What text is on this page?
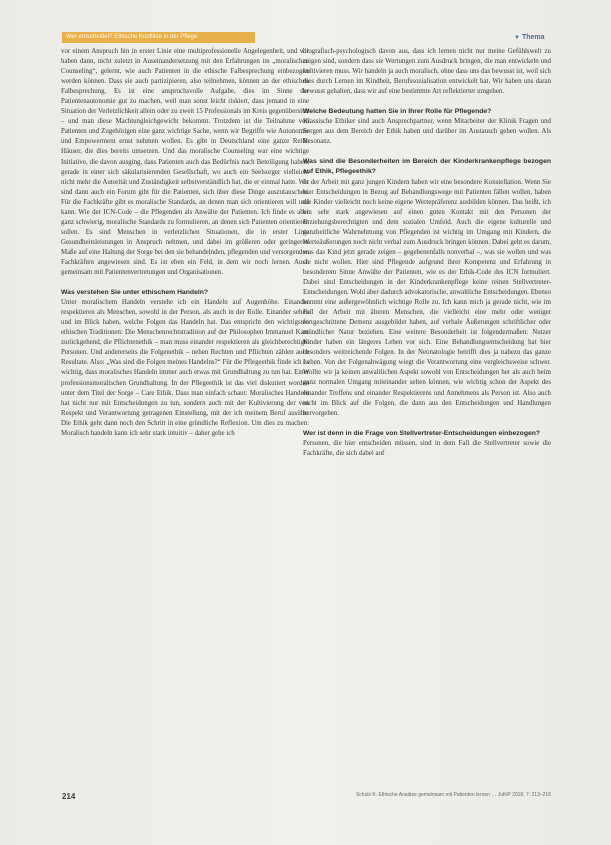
Wer entscheidet? Ethische Konflikte in der Pflege	▼ Thema

vor einem Anspruch hin in erster Linie eine multiprofessionelle Angelegenheit, und wir haben dann, nicht zuletzt in Auseinandersetzung mit den Erfahrungen im „moralischen Counseling“, gelernt, wie auch Patienten in die ethische Falbesprechung einbezogen werden können. Dass sie auch partizipieren, also teilnehmen, können an der ethischen Falbesprechung. Es ist eine anspruchsvolle Aufgabe, dies im Sinne der Patientenautonomie gut zu machen, weil man sonst leicht riskiert, dass jemand in eine Situation der Verletzlichkeit allein oder zu zweit 15 Professionals im Kreis gegenübersitzt – und man diese Machtungleichgewicht bekommt. Trotzdem ist die Teilnahme von Patienten und Zugehörigen eine ganz wichtige Sache, wenn wir Begriffe wie Autonomie und Empowerment ernst nehmen wollen. Es gibt in Deutschland eine ganze Reihe Häuser, die dies bereits umsetzen. Und das moralische Counseling war eine wichtige Initiative, die davon ausging, dass Patienten auch das Bedürfnis nach Beteiligung haben, gerade in einer sich säkularisierenden Gesellschaft, wo auch ein Seelsorger vielleicht nicht mehr die Autorität und Zuständigkeit selbstverständlich hat, die er einmal hatte. Wir sind dann auch ein Forum gibt für die Patienten, sich über diese Dinge auszutauschen. Für die Fachkräfte gibt es moralische Standards, an denen man sich orientieren will und kann. Wie der ICN-Code – die Pflegenden als Anwälte der Patienten. Ich finde es aber ganz schwierig, moralische Standards zu formulieren, an denen sich Patienten orientieren sollen. Es sind Menschen in verletzlichen Situationen, die in erster Linie Gesundheitsleistungen in Anspruch nehmen, und dabei im größeren oder geringeren Maße auf eine Haltung der Sorge bei den sie behandelnden, pflegenden und versorgenden Fachkräften angewiesen sind. Es ist eben ein Feld, in dem wir noch lernen. Auch gemeinsam mit Patientenvertretungen und Organisationen.

Was verstehen Sie unter ethischem Handeln?

Unter moralischem Handeln verstehe ich ein Handeln auf Augenhöhe. Einander respektieren als Menschen, sowohl in der Person, als auch in der Rolle. Einander sehen und im Blick haben, welche Folgen das Handeln hat. Das entspricht den wichtigsten ethischen Traditionen: Die Menschenrechtstradition auf der Philosophen Immanuel Kant zurückgehend, die Pflichtenethik – man muss einander respektieren als gleichberechtigte Personen. Und andererseits die Folgenethik – neben Rechten und Pflichten zählen auch Resultate. Also: „Was sind die Folgen meines Handelns?“ Für die Pflegeethik finde ich es wichtig, dass moralisches Handeln immer auch etwas mit Grundhaltung zu tun hat. Einer professionsmoralischen Grundhaltung. In der Pflegeethik ist das viel diskutiert worden unter dem Titel der Sorge – Care Ethik. Dass man einfach schaut: Moralisches Handeln hat nicht nur mit Entscheidungen zu tun, sondern auch mit der Kultivierung der von Respekt und Verantwortung getragenen Einstellung, mit der ich meinem Beruf ausübe. Die Ethik geht dann noch den Schritt in eine gründliche Reflexion. Um dies zu machen: Moralisch handeln kann ich sehr stark intuitiv – daher gehe ich

biografisch-psychologisch davon aus, dass ich lernen nicht nur meine Gefühlswelt zu zeigen sind, sondern dass sie Wertungen zum Ausdruck bringen, die man entwickeln und kultivieren muss. Wir handeln ja auch moralisch, ohne dass uns das bewusst ist, weil sich dies durch Lernen im Kindheit, Berufssozialisation entwickelt hat. Wir haben uns daran bewusst gehalten, dass wir auf eine bestimmte Art reflektierter umgehen.

Welche Bedeutung hatten Sie in Ihrer Rolle für Pflegende?

Klassische Ethiker sind auch Ansprechpartner, wenn Mitarbeiter der Klinik Fragen und Sorgen aus dem Bereich der Ethik haben und darüber im Austausch gehen wollen. Als Resonanz.

Was sind die Besonderheiten im Bereich der Kinderkrankenpflege bezogen auf Ethik, Pflegeethik?

In der Arbeit mit ganz jungen Kindern haben wir eine besondere Konstellation. Wenn Sie hier Entscheidungen in Bezug auf Behandlungswege mit Patienten fällen wollen, haben die Kinder vielleicht noch keine eigene Wertepräferenz ausbilden können. Das heißt, ich bin sehr stark angewiesen auf einen guten Kontakt mit den Personen der Erziehungsberechtigten und dem sozialen Umfeld. Auch die eigene kulturelle und ganzheitliche Wahrnehmung von Pflegenden ist wichtig im Umgang mit Kindern, die Werteäußerungen noch nicht verbal zum Ausdruck bringen können. Dabei geht es darum, was das Kind jetzt gerade zeigen – gegebenenfalls nonverbal –, was sie wollen und was sie nicht wollen. Hier sind Pflegende aufgrund ihrer Kompetenz und Erfahrung in besonderem Sinne Anwälte der Patienten, wie es der Ethik-Code des ICN formuliert. Dabei sind Entscheidungen in der Kinderkrankenpflege keine reinen Stellvertreter-Entscheidungen. Wohl aber dadurch advokatorische, anwaltliche Entscheidungen. Ebenso kommt eine außergewöhnlich wichtige Rolle zu. Ich kann mich ja gerade nicht, wie im Fall der Arbeit mit älteren Menschen, die vielleicht eine mehr oder weniger fortgeschrittene Demenz ausgebildet haben, auf verbale Äußerungen schriftlicher oder mündlicher Natur beziehen. Eine weitere Besonderheit ist folgendermaßen: Nutzer Kinder haben ein längeres Leben vor sich. Eine Behandlungsentscheidung hat hier besonders weitreichende Folgen. In der Neonatologie betrifft dies ja nahezu das ganze Leben. Von der Folgenabwägung wiegt die Verantwortung eine vergleichsweise schwer. Wollte wir ja keinen anwaltlichen Aspekt sowohl von Entscheidungen her als auch beim ganz normalen Umgang miteinander selten können, wie wichtig schon der Aspekt des einander Treffens und einander Respektierens und Annehmens als Person ist. Also auch nicht im Blick auf die Folgen, die dann aus den Entscheidungen und Handlungen hervorgehen.

Wer ist denn in die Frage von Stellvertreter-Entscheidungen einbezogen?

Personen, die hier entscheiden müssen, sind in dem Fall die Stellvertreter sowie die Fachkräfte, die sich dabei auf

214	Schulz K. Ethische Ansätze gemeinsam mit Patienten lernen … JuKiP 2018; 7: 213–216
